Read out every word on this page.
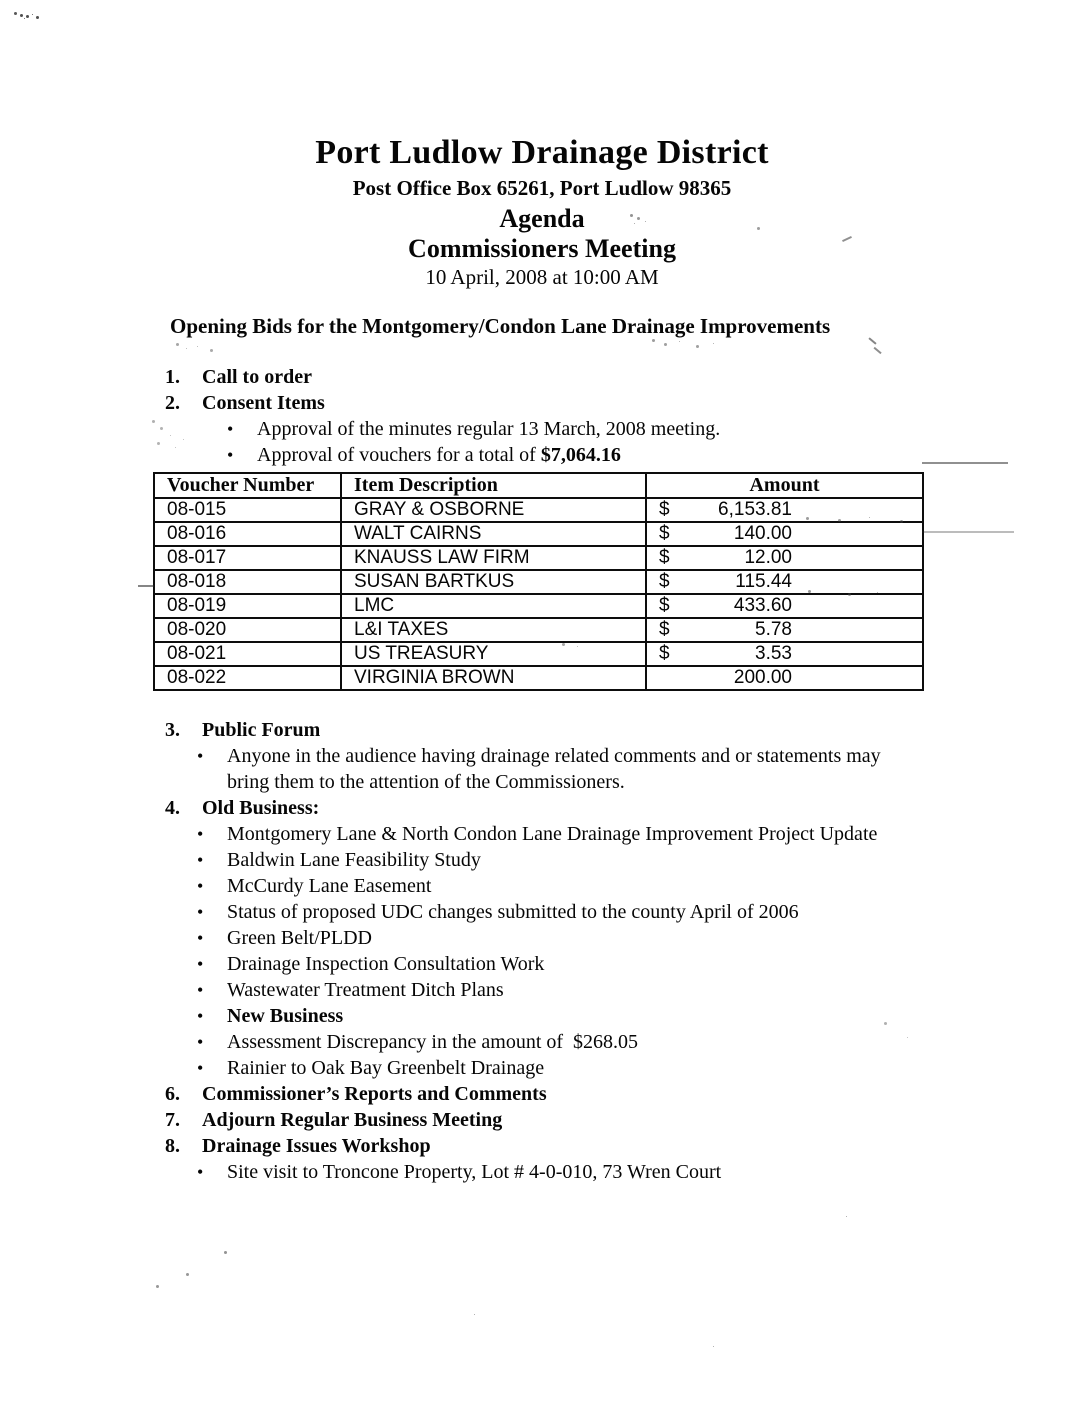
Port Ludlow Drainage District
Post Office Box 65261, Port Ludlow 98365
Agenda
Commissioners Meeting
10 April, 2008 at 10:00 AM
Opening Bids for the Montgomery/Condon Lane Drainage Improvements
1.	Call to order
2.	Consent Items
•	Approval of the minutes regular 13 March, 2008 meeting.
•	Approval of vouchers for a total of $7,064.16
Voucher Number	Item Description	Amount
08-015	GRAY & OSBORNE	$ 6,153.81

08-016	WALT CAIRNS	$ 140.00

08-017	KNAUSS LAW FIRM	$ 12.00

08-018	SUSAN BARTKUS	$ 115.44

08-019	LMC	$ 433.60

08-020	L&I TAXES	$ 5.78

08-021	US TREASURY	$ 3.53

08-022	VIRGINIA BROWN	200.00
3.	Public Forum
•	Anyone in the audience having drainage related comments and or statements may bring them to the attention of the Commissioners.
4.	Old Business:
•	Montgomery Lane & North Condon Lane Drainage Improvement Project Update
•	Baldwin Lane Feasibility Study
•	McCurdy Lane Easement
•	Status of proposed UDC changes submitted to the county April of 2006
•	Green Belt/PLDD
•	Drainage Inspection Consultation Work
•	Wastewater Treatment Ditch Plans
•	New Business
•	Assessment Discrepancy in the amount of  $268.05
•	Rainier to Oak Bay Greenbelt Drainage
6.	Commissioner’s Reports and Comments
7.	Adjourn Regular Business Meeting
8.	Drainage Issues Workshop
•	Site visit to Troncone Property, Lot # 4-0-010, 73 Wren Court
